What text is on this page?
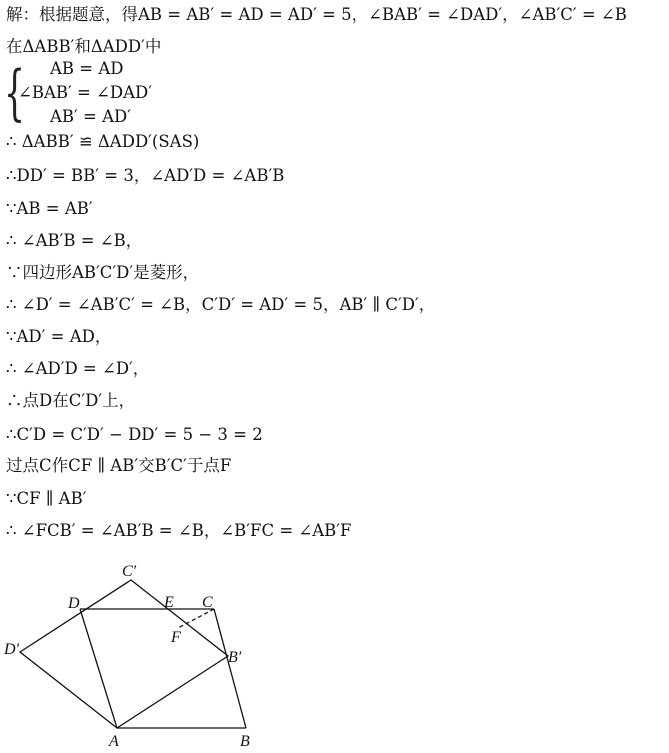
解：根据题意，得AB = AB′ = AD = AD′ = 5，∠BAB′ = ∠DAD′，∠AB′C′ = ∠B
在ΔABB′和ΔADD′中
{ AB = AD
∠BAB′ = ∠DAD′
AB′ = AD′
∴ ΔABB′ ≌ ΔADD′(SAS)
∴DD′ = BB′ = 3，∠AD′D = ∠AB′B
∵AB = AB′
∴ ∠AB′B = ∠B，
∵四边形AB′C′D′是菱形，
∴ ∠D′ = ∠AB′C′ = ∠B，C′D′ = AD′ = 5，AB′ ∥ C′D′，
∵AD′ = AD，
∴ ∠AD′D = ∠D′，
∴点D在C′D′上，
∴C′D = C′D′ − DD′ = 5 − 3 = 2
过点C作CF ∥ AB′交B′C′于点F
∵CF ∥ AB′
∴ ∠FCB′ = ∠AB′B = ∠B，∠B′FC = ∠AB′F
C′
D	E C
F
D′	B′
A	B
